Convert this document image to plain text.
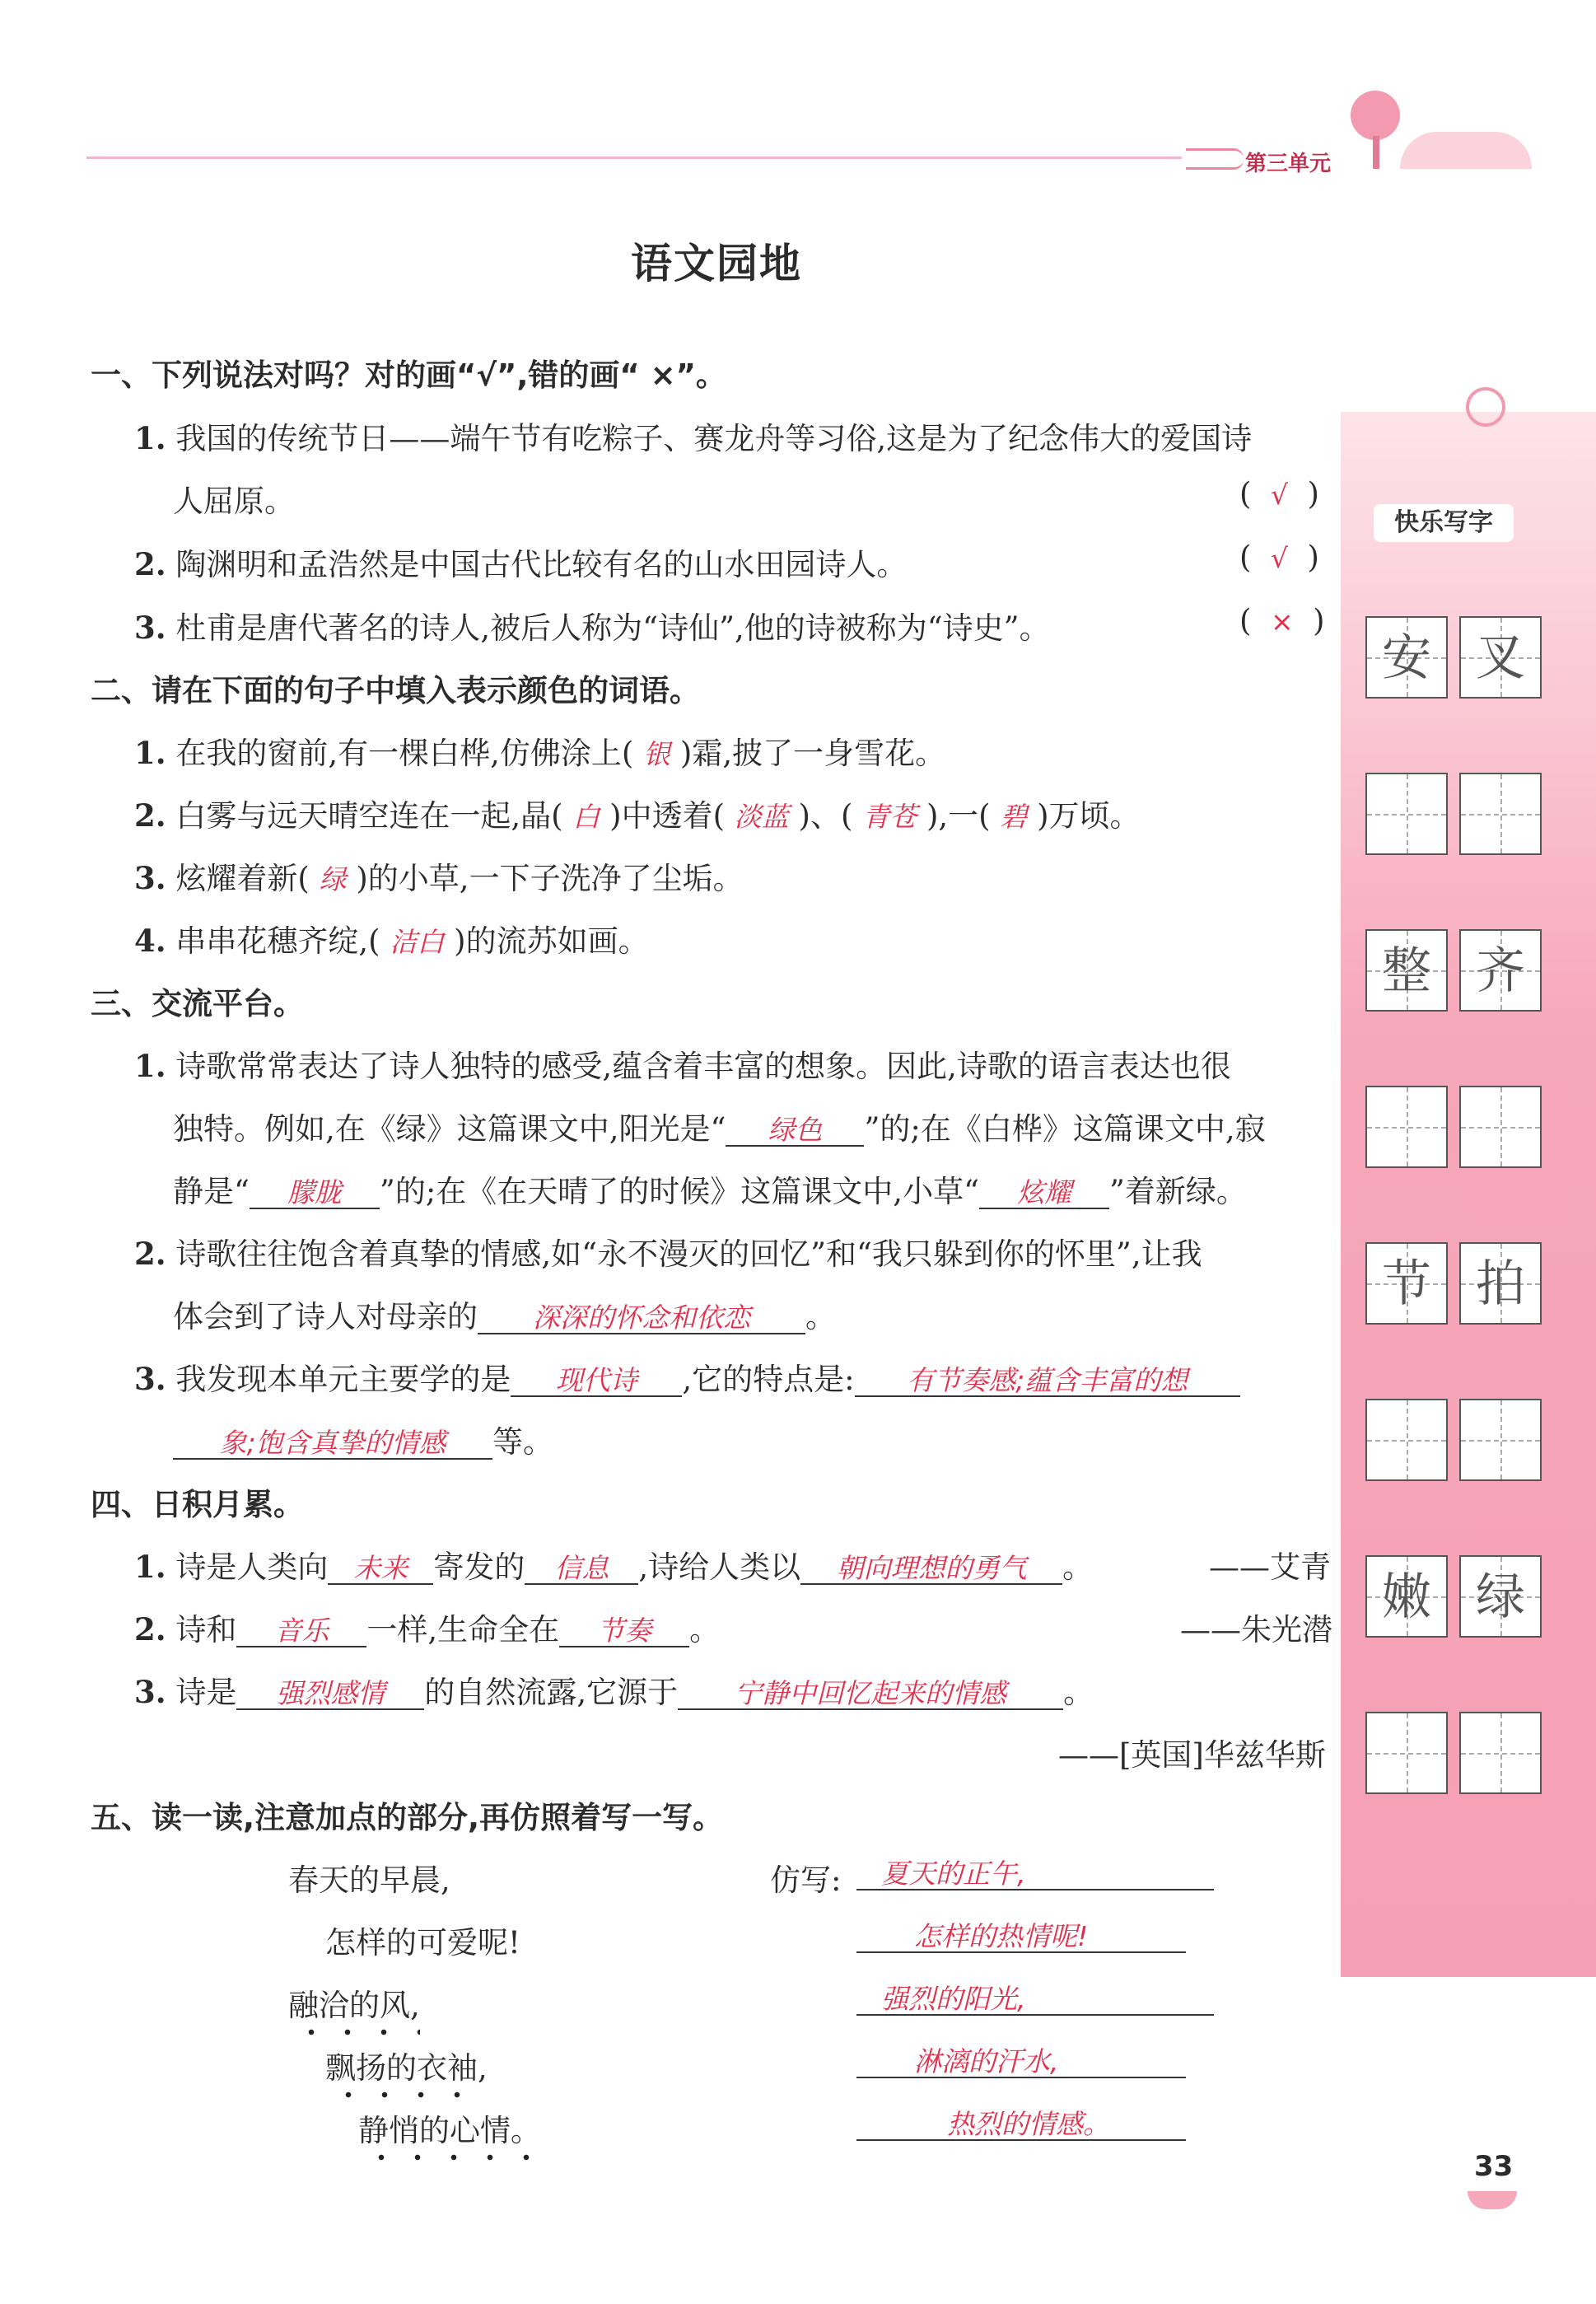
第三单元
语文园地
一、下列说法对吗？对的画“√”,错的画“ ×”。
1. 我国的传统节日——端午节有吃粽子、赛龙舟等习俗,这是为了纪念伟大的爱国诗
人屈原。	(  √  )
2. 陶渊明和孟浩然是中国古代比较有名的山水田园诗人。	(  √  )
3. 杜甫是唐代著名的诗人,被后人称为“诗仙”,他的诗被称为“诗史”。	(  ×  )
二、请在下面的句子中填入表示颜色的词语。
1. 在我的窗前,有一棵白桦,仿佛涂上( 银 )霜,披了一身雪花。
2. 白雾与远天晴空连在一起,晶( 白 )中透着( 淡蓝 )、( 青苍 ),一( 碧 )万顷。
3. 炫耀着新( 绿 )的小草,一下子洗净了尘垢。
4. 串串花穗齐绽,( 洁白 )的流苏如画。
三、交流平台。
1. 诗歌常常表达了诗人独特的感受,蕴含着丰富的想象。因此,诗歌的语言表达也很
独特。例如,在《绿》这篇课文中,阳光是“ 绿色 ”的;在《白桦》这篇课文中,寂
静是“ 朦胧 ”的;在《在天晴了的时候》这篇课文中,小草“ 炫耀 ”着新绿。
2. 诗歌往往饱含着真挚的情感,如“永不漫灭的回忆”和“我只躲到你的怀里”,让我
体会到了诗人对母亲的 深深的怀念和依恋 。
3. 我发现本单元主要学的是 现代诗 ,它的特点是: 有节奏感;蕴含丰富的想
象;饱含真挚的情感 等。
四、日积月累。
1. 诗是人类向 未来 寄发的 信息 ,诗给人类以 朝向理想的勇气 。	——艾青
2. 诗和 音乐 一样,生命全在 节奏 。	——朱光潜
3. 诗是 强烈感情 的自然流露,它源于 宁静中回忆起来的情感 。
——[英国]华兹华斯
五、读一读,注意加点的部分,再仿照着写一写。
春天的早晨,
怎样的可爱呢!
融洽的风,
飘扬的衣袖,
静悄的心情。
仿写:	夏天的正午,
怎样的热情呢!
强烈的阳光,
淋漓的汗水,
热烈的情感。
快乐写字
安 叉
整 齐
节 拍
嫩 绿
33
